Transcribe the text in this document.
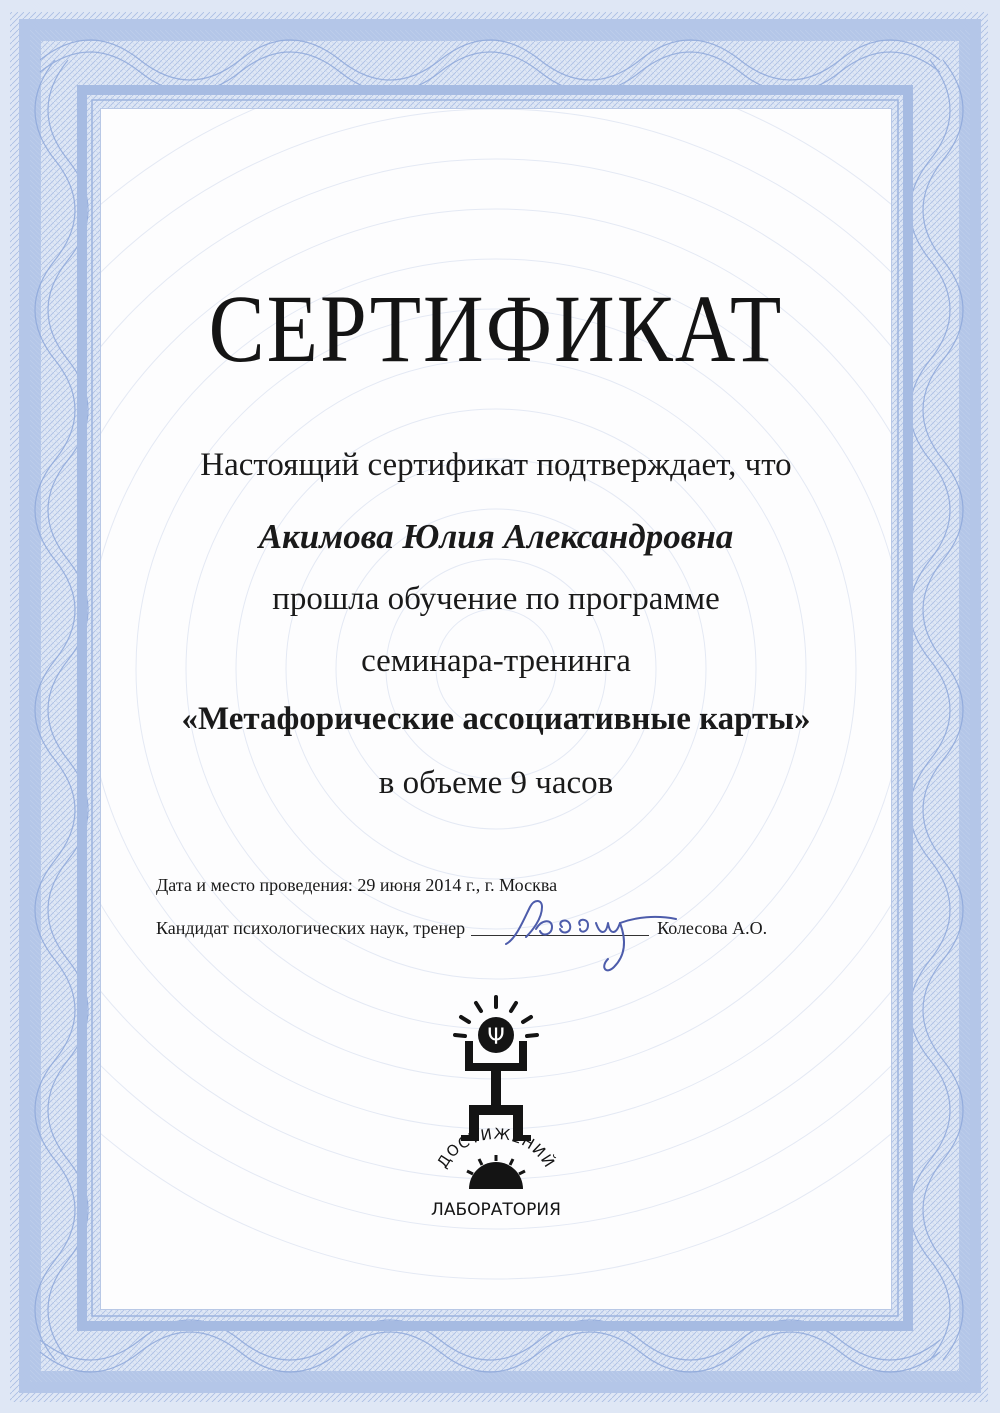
СЕРТИФИКАТ

Настоящий сертификат подтверждает, что

Акимова Юлия Александровна

прошла обучение по программе

семинара-тренинга

«Метафорические ассоциативные карты»

в объеме 9 часов

Дата и место проведения: 29 июня 2014 г., г. Москва
Кандидат психологических наук, тренер	Колесова А.О.
Ψ
ДОСТИЖЕНИЙ
ЛАБОРАТОРИЯ
